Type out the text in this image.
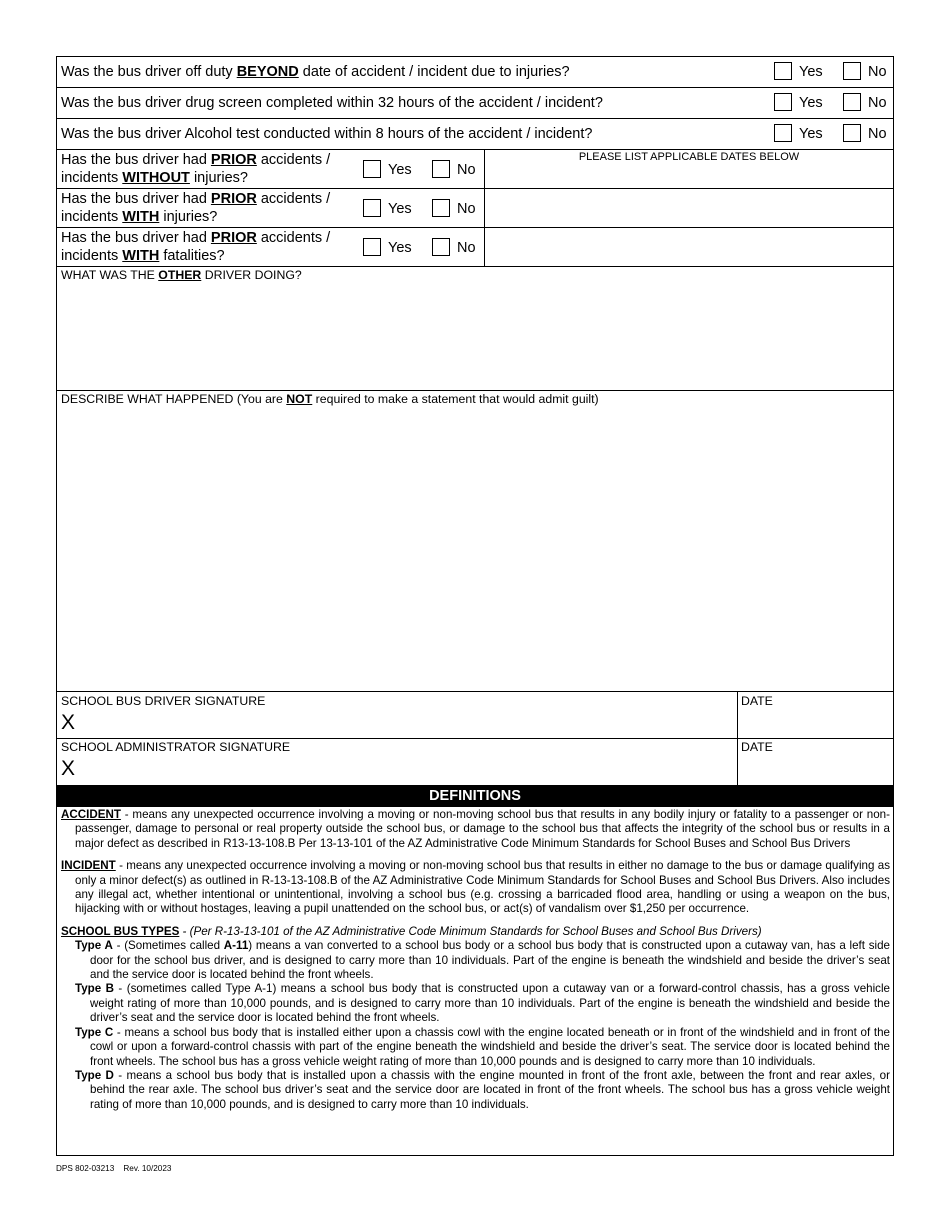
Was the bus driver off duty BEYOND date of accident / incident due to injuries?	Yes	No
Was the bus driver drug screen completed within 32 hours of the accident / incident?	Yes	No
Was the bus driver Alcohol test conducted within 8 hours of the accident / incident?	Yes	No
Has the bus driver had PRIOR accidents /
incidents WITHOUT injuries?	Yes	No
PLEASE LIST APPLICABLE DATES BELOW
Has the bus driver had PRIOR accidents /
incidents WITH injuries?	Yes	No
Has the bus driver had PRIOR accidents /
incidents WITH fatalities?	Yes	No
WHAT WAS THE OTHER DRIVER DOING?
DESCRIBE WHAT HAPPENED (You are NOT required to make a statement that would admit guilt)
SCHOOL BUS DRIVER SIGNATURE
X
DATE
SCHOOL ADMINISTRATOR SIGNATURE
X
DATE
DEFINITIONS

ACCIDENT - means any unexpected occurrence involving a moving or non-moving school bus that results in any bodily injury or fatality to a passenger or non-passenger, damage to personal or real property outside the school bus, or damage to the school bus that affects the integrity of the school bus or results in a major defect as described in R13-13-108.B Per 13-13-101 of the AZ Administrative Code Minimum Standards for School Buses and School Bus Drivers

INCIDENT - means any unexpected occurrence involving a moving or non-moving school bus that results in either no damage to the bus or damage qualifying as only a minor defect(s) as outlined in R-13-13-108.B of the AZ Administrative Code Minimum Standards for School Buses and School Bus Drivers. Also includes any illegal act, whether intentional or unintentional, involving a school bus (e.g. crossing a barricaded flood area, handling or using a weapon on the bus, hijacking with or without hostages, leaving a pupil unattended on the school bus, or act(s) of vandalism over $1,250 per occurrence.

SCHOOL BUS TYPES - (Per R-13-13-101 of the AZ Administrative Code Minimum Standards for School Buses and School Bus Drivers)

Type A - (Sometimes called A-11) means a van converted to a school bus body or a school bus body that is constructed upon a cutaway van, has a left side door for the school bus driver, and is designed to carry more than 10 individuals. Part of the engine is beneath the windshield and beside the driver’s seat and the service door is located behind the front wheels.

Type B - (sometimes called Type A-1) means a school bus body that is constructed upon a cutaway van or a forward-control chassis, has a gross vehicle weight rating of more than 10,000 pounds, and is designed to carry more than 10 individuals. Part of the engine is beneath the windshield and beside the driver’s seat and the service door is located behind the front wheels.

Type C - means a school bus body that is installed either upon a chassis cowl with the engine located beneath or in front of the windshield and in front of the cowl or upon a forward-control chassis with part of the engine beneath the windshield and beside the driver’s seat. The service door is located behind the front wheels. The school bus has a gross vehicle weight rating of more than 10,000 pounds and is designed to carry more than 10 individuals.

Type D - means a school bus body that is installed upon a chassis with the engine mounted in front of the front axle, between the front and rear axles, or behind the rear axle. The school bus driver’s seat and the service door are located in front of the front wheels. The school bus has a gross vehicle weight rating of more than 10,000 pounds, and is designed to carry more than 10 individuals.

DPS 802-03213 Rev. 10/2023
